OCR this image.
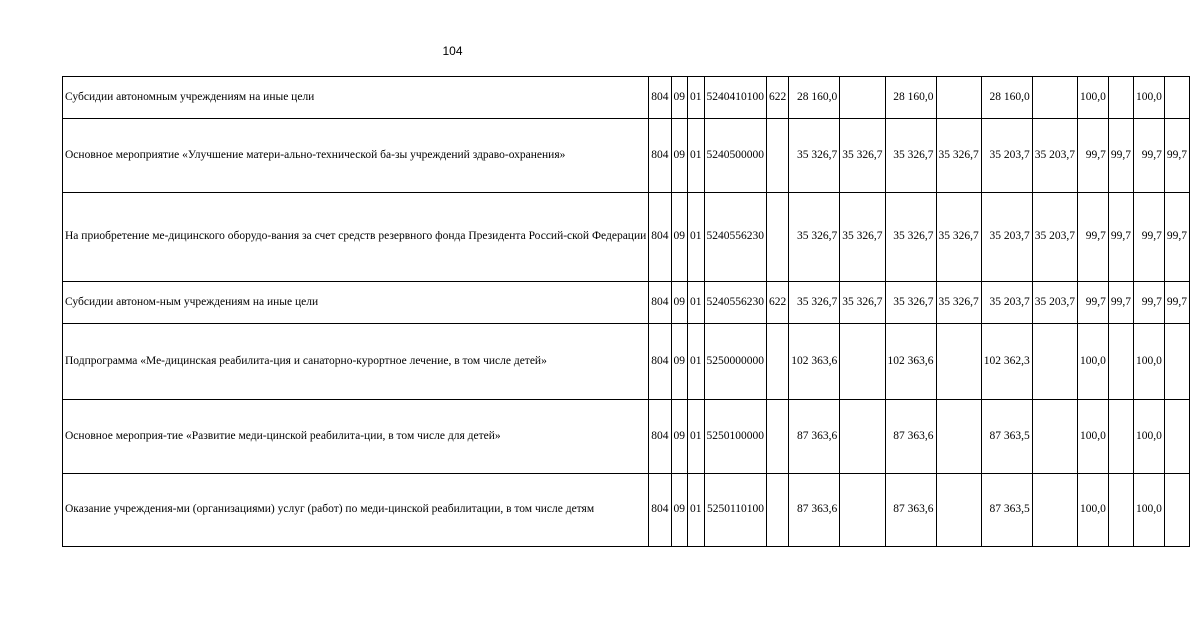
104
Субсидии автономным учреждениям на иные цели	804	09	01	5240410100	622	28 160,0		28 160,0		28 160,0		100,0		100,0	
Основное мероприятие «Улучшение матери-ально-технической ба-зы учреждений здраво-охранения»	804	09	01	5240500000		35 326,7	35 326,7	35 326,7	35 326,7	35 203,7	35 203,7	99,7	99,7	99,7	99,7
На приобретение ме-дицинского оборудо-вания за счет средств резервного фонда Президента Россий-ской Федерации	804	09	01	5240556230		35 326,7	35 326,7	35 326,7	35 326,7	35 203,7	35 203,7	99,7	99,7	99,7	99,7
Субсидии автоном-ным учреждениям на иные цели	804	09	01	5240556230	622	35 326,7	35 326,7	35 326,7	35 326,7	35 203,7	35 203,7	99,7	99,7	99,7	99,7
Подпрограмма «Ме-дицинская реабилита-ция и санаторно-курортное лечение, в том числе детей»	804	09	01	5250000000		102 363,6		102 363,6		102 362,3		100,0		100,0	
Основное мероприя-тие «Развитие меди-цинской реабилита-ции, в том числе для детей»	804	09	01	5250100000		87 363,6		87 363,6		87 363,5		100,0		100,0	
Оказание учреждения-ми (организациями) услуг (работ) по меди-цинской реабилитации, в том числе детям	804	09	01	5250110100		87 363,6		87 363,6		87 363,5		100,0		100,0	
